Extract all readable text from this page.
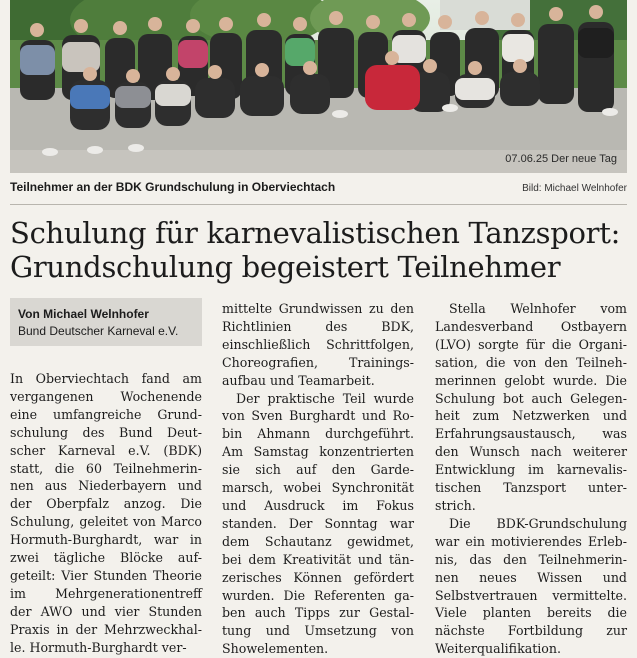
07.06.25 Der neue Tag
Teilnehmer an der BDK Grundschulung in Oberviechtach	Bild: Michael Welnhofer
Schulung für karnevalistischen Tanzsport:
Grundschulung begeistert Teilnehmer
Von Michael Welnhofer
Bund Deutscher Karneval e.V.

In Oberviechtach fand am vergangenen Wochenende eine umfangreiche Grund-schulung des Bund Deut-scher Karneval e.V. (BDK) statt, die 60 Teilnehmerin-nen aus Niederbayern und der Oberpfalz anzog. Die Schulung, geleitet von Marco Hormuth-Burghardt, war in zwei tägliche Blöcke auf-geteilt: Vier Stunden Theorie im Mehrgenerationentreff der AWO und vier Stunden Praxis in der Mehrzweckhal-le. Hormuth-Burghardt ver-

mittelte Grundwissen zu den Richtlinien des BDK, einschließlich Schrittfolgen, Choreografien, Trainings-aufbau und Teamarbeit.

Der praktische Teil wurde von Sven Burghardt und Ro-bin Ahmann durchgeführt. Am Samstag konzentrierten sie sich auf den Garde-marsch, wobei Synchronität und Ausdruck im Fokus standen. Der Sonntag war dem Schautanz gewidmet, bei dem Kreativität und tän-zerisches Können gefördert wurden. Die Referenten ga-ben auch Tipps zur Gestal-tung und Umsetzung von Showelementen.

Stella Welnhofer vom Landesverband Ostbayern (LVO) sorgte für die Organi-sation, die von den Teilneh-merinnen gelobt wurde. Die Schulung bot auch Gelegen-heit zum Netzwerken und Erfahrungsaustausch, was den Wunsch nach weiterer Entwicklung im karnevalis-tischen Tanzsport unter-strich.

Die BDK-Grundschulung war ein motivierendes Erleb-nis, das den Teilnehmerin-nen neues Wissen und Selbstvertrauen vermittelte. Viele planten bereits die nächste Fortbildung zur Weiterqualifikation.
